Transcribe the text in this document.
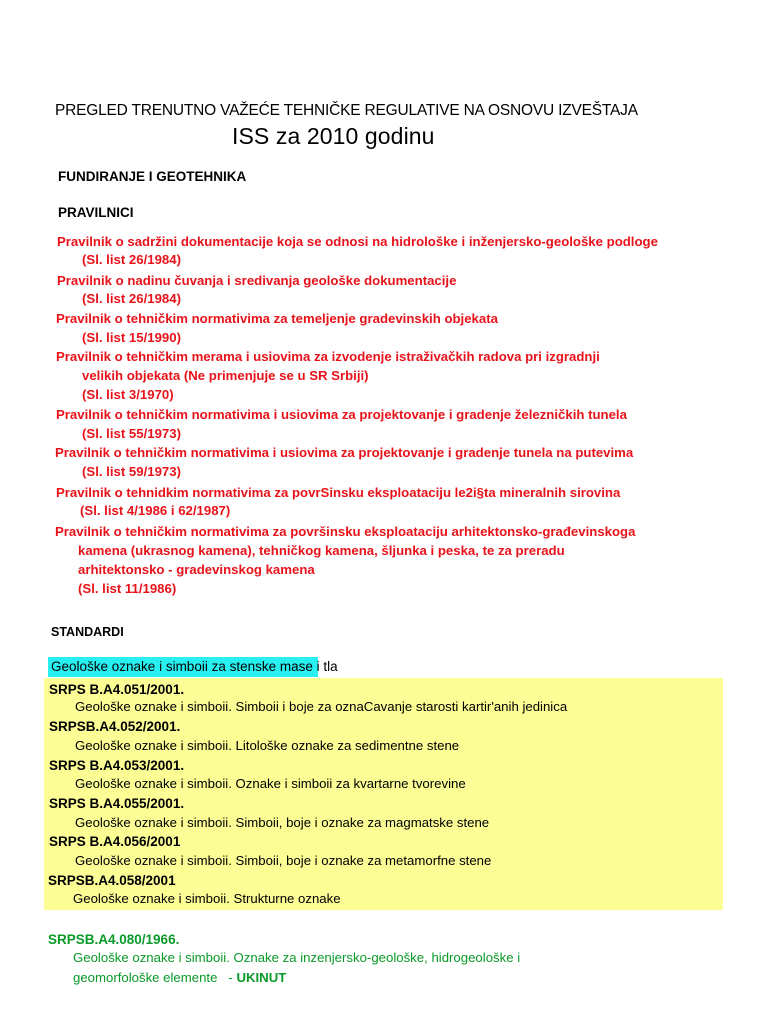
PREGLED TRENUTNO VAŽEĆE TEHNIČKE REGULATIVE NA OSNOVU IZVEŠTAJA
ISS za 2010 godinu
FUNDIRANJE I GEOTEHNIKA
PRAVILNICI
Pravilnik o sadržini dokumentacije koja se odnosi na hidrološke i inženjersko-geološke podloge
(Sl. list 26/1984)
Pravilnik o nadinu čuvanja i sredivanja geološke dokumentacije
(Sl. list 26/1984)
Pravilnik o tehničkim normativima za temeljenje gradevinskih objekata
(Sl. list 15/1990)
Pravilnik o tehničkim merama i usiovima za izvodenje istraživačkih radova pri izgradnji
velikih objekata (Ne primenjuje se u SR Srbiji)
(Sl. list 3/1970)
Pravilnik o tehničkim normativima i usiovima za projektovanje i gradenje železničkih tunela
(Sl. list 55/1973)
Pravilnik o tehničkim normativima i usiovima za projektovanje i gradenje tunela na putevima
(Sl. list 59/1973)
Pravilnik o tehnidkim normativima za povrSinsku eksploataciju le2i§ta mineralnih sirovina
(Sl. list 4/1986 i 62/1987)
Pravilnik o tehničkim normativima za površinsku eksploataciju arhitektonsko-građevinskoga
kamena (ukrasnog kamena), tehničkog kamena, šljunka i peska, te za preradu
arhitektonsko - gradevinskog kamena
(Sl. list 11/1986)
STANDARDI
Geološke oznake i simboii za stenske mase i tla
SRPS B.A4.051/2001.
Geološke oznake i simboii. Simboii i boje za oznaCavanje starosti kartir'anih jedinica
SRPSB.A4.052/2001.
Geološke oznake i simboii. Litološke oznake za sedimentne stene
SRPS B.A4.053/2001.
Geološke oznake i simboii. Oznake i simboii za kvartarne tvorevine
SRPS B.A4.055/2001.
Geološke oznake i simboii. Simboii, boje i oznake za magmatske stene
SRPS B.A4.056/2001
Geološke oznake i simboii. Simboii, boje i oznake za metamorfne stene
SRPSB.A4.058/2001
Geološke oznake i simboii. Strukturne oznake
SRPSB.A4.080/1966.
Geološke oznake i simboii. Oznake za inzenjersko-geološke, hidrogeološke i
geomorfološke elemente   - UKINUT
